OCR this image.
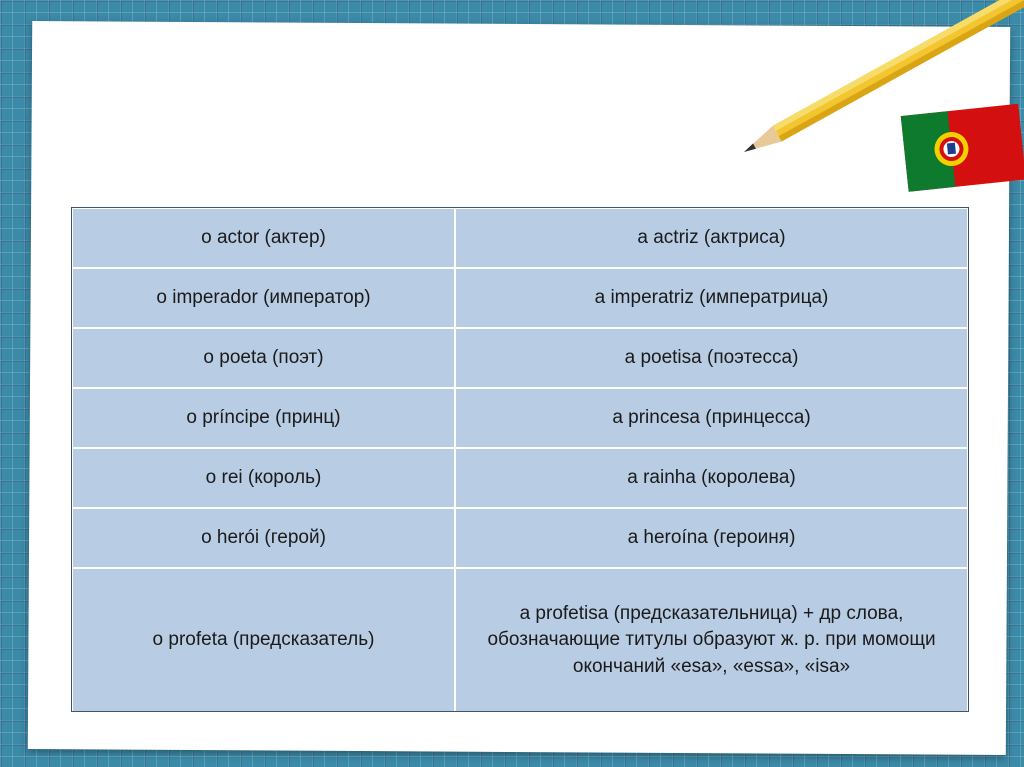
o actor (актер)	a actriz (актриса)
o imperador (император)	a imperatriz (императрица)
o poeta (поэт)	a poetisa (поэтесса)
o príncipe (принц)	a princesa (принцесса)
o rei (король)	a rainha (королева)
o herói (герой)	a heroína (героиня)
o profeta (предсказатель)	a profetisa (предсказательница) + др слова, обозначающие титулы образуют ж. р. при момощи окончаний «esa», «essa», «isa»
